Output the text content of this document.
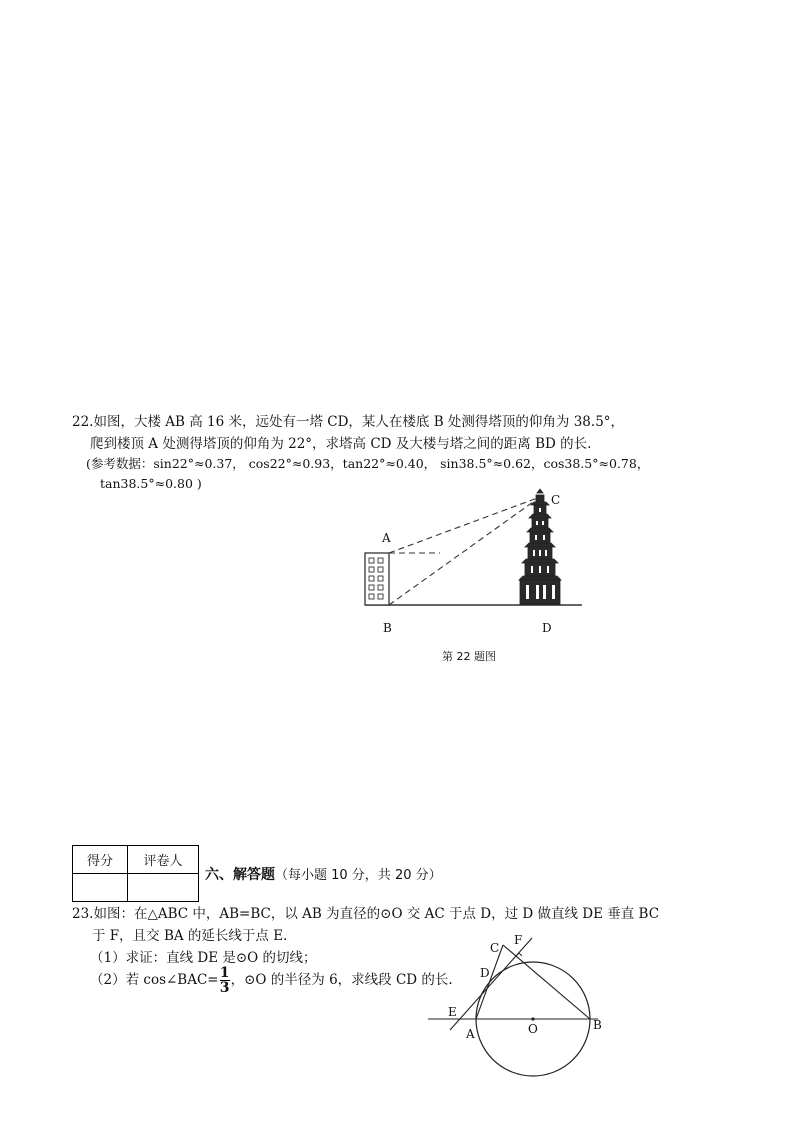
22.如图，大楼 AB 高 16 米，远处有一塔 CD，某人在楼底 B 处测得塔顶的仰角为 38.5°，
爬到楼顶 A 处测得塔顶的仰角为 22°，求塔高 CD 及大楼与塔之间的距离 BD 的长.
(参考数据：sin22°≈0.37， cos22°≈0.93，tan22°≈0.40， sin38.5°≈0.62，cos38.5°≈0.78，
tan38.5°≈0.80 )
A
B
C
D
第 22 题图
得分	评卷人

六、解答题（每小题 10 分，共 20 分）
23.如图：在△ABC 中，AB=BC，以 AB 为直径的⊙O 交 AC 于点 D，过 D 做直线 DE 垂直 BC
于 F，且交 BA 的延长线于点 E.
（1）求证：直线 DE 是⊙O 的切线；
（2）若 cos∠BAC= $\frac{1}{3}$ ，⊙O 的半径为 6，求线段 CD 的长.
C
F
D
E
A	O	B
